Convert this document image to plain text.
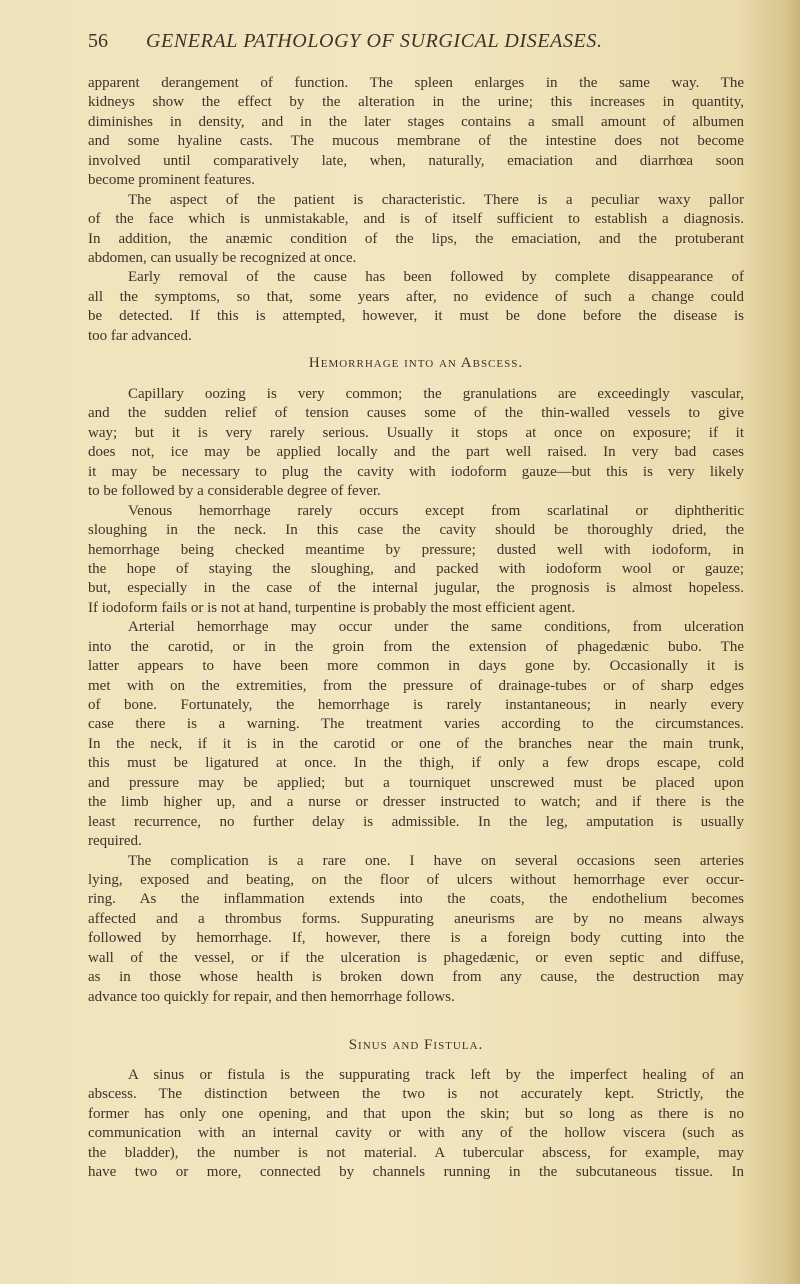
56 GENERAL PATHOLOGY OF SURGICAL DISEASES.
apparent derangement of function. The spleen enlarges in the same way. The
kidneys show the effect by the alteration in the urine; this increases in quantity,
diminishes in density, and in the later stages contains a small amount of albumen
and some hyaline casts. The mucous membrane of the intestine does not become
involved until comparatively late, when, naturally, emaciation and diarrhœa soon
become prominent features.
The aspect of the patient is characteristic. There is a peculiar waxy pallor
of the face which is unmistakable, and is of itself sufficient to establish a diagnosis.
In addition, the anæmic condition of the lips, the emaciation, and the protuberant
abdomen, can usually be recognized at once.
Early removal of the cause has been followed by complete disappearance of
all the symptoms, so that, some years after, no evidence of such a change could
be detected. If this is attempted, however, it must be done before the disease is
too far advanced.
Hemorrhage into an Abscess.
Capillary oozing is very common; the granulations are exceedingly vascular,
and the sudden relief of tension causes some of the thin-walled vessels to give
way; but it is very rarely serious. Usually it stops at once on exposure; if it
does not, ice may be applied locally and the part well raised. In very bad cases
it may be necessary to plug the cavity with iodoform gauze—but this is very likely
to be followed by a considerable degree of fever.
Venous hemorrhage rarely occurs except from scarlatinal or diphtheritic
sloughing in the neck. In this case the cavity should be thoroughly dried, the
hemorrhage being checked meantime by pressure; dusted well with iodoform, in
the hope of staying the sloughing, and packed with iodoform wool or gauze;
but, especially in the case of the internal jugular, the prognosis is almost hopeless.
If iodoform fails or is not at hand, turpentine is probably the most efficient agent.
Arterial hemorrhage may occur under the same conditions, from ulceration
into the carotid, or in the groin from the extension of phagedænic bubo. The
latter appears to have been more common in days gone by. Occasionally it is
met with on the extremities, from the pressure of drainage-tubes or of sharp edges
of bone. Fortunately, the hemorrhage is rarely instantaneous; in nearly every
case there is a warning. The treatment varies according to the circumstances.
In the neck, if it is in the carotid or one of the branches near the main trunk,
this must be ligatured at once. In the thigh, if only a few drops escape, cold
and pressure may be applied; but a tourniquet unscrewed must be placed upon
the limb higher up, and a nurse or dresser instructed to watch; and if there is the
least recurrence, no further delay is admissible. In the leg, amputation is usually
required.
The complication is a rare one. I have on several occasions seen arteries
lying, exposed and beating, on the floor of ulcers without hemorrhage ever occur-
ring. As the inflammation extends into the coats, the endothelium becomes
affected and a thrombus forms. Suppurating aneurisms are by no means always
followed by hemorrhage. If, however, there is a foreign body cutting into the
wall of the vessel, or if the ulceration is phagedænic, or even septic and diffuse,
as in those whose health is broken down from any cause, the destruction may
advance too quickly for repair, and then hemorrhage follows.
Sinus and Fistula.
A sinus or fistula is the suppurating track left by the imperfect healing of an
abscess. The distinction between the two is not accurately kept. Strictly, the
former has only one opening, and that upon the skin; but so long as there is no
communication with an internal cavity or with any of the hollow viscera (such as
the bladder), the number is not material. A tubercular abscess, for example, may
have two or more, connected by channels running in the subcutaneous tissue. In
